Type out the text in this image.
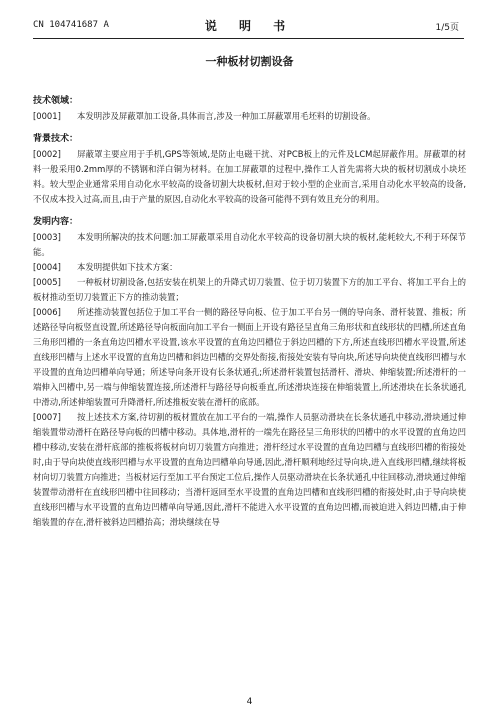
CN 104741687 A	说 明 书	1/5页
一种板材切割设备

技术领域：

[0001] 本发明涉及屏蔽罩加工设备,具体而言,涉及一种加工屏蔽罩用毛坯料的切割设备。

背景技术：

[0002] 屏蔽罩主要应用于手机,GPS等领域,是防止电磁干扰、对PCB板上的元件及LCM起屏蔽作用。屏蔽罩的材料一般采用0.2mm厚的不锈钢和洋白铜为材料。在加工屏蔽罩的过程中,操作工人首先需将大块的板材切割成小块坯料。较大型企业通常采用自动化水平较高的设备切割大块板材,但对于较小型的企业而言,采用自动化水平较高的设备,不仅成本投入过高,而且,由于产量的原因,自动化水平较高的设备可能得不到有效且充分的利用。

发明内容：

[0003] 本发明所解决的技术问题:加工屏蔽罩采用自动化水平较高的设备切割大块的板材,能耗较大,不利于环保节能。

[0004] 本发明提供如下技术方案：

[0005] 一种板材切割设备,包括安装在机架上的升降式切刀装置、位于切刀装置下方的加工平台、将加工平台上的板材推动至切刀装置正下方的推动装置；

[0006] 所述推动装置包括位于加工平台一侧的路径导向板、位于加工平台另一侧的导向条、滑杆装置、推板；所述路径导向板竖直设置,所述路径导向板面向加工平台一侧面上开设有路径呈直角三角形状和直线形状的凹槽,所述直角三角形凹槽的一条直角边凹槽水平设置,该水平设置的直角边凹槽位于斜边凹槽的下方,所述直线形凹槽水平设置,所述直线形凹槽与上述水平设置的直角边凹槽和斜边凹槽的交界处衔接,衔接处安装有导向块,所述导向块使直线形凹槽与水平设置的直角边凹槽单向导通；所述导向条开设有长条状通孔;所述滑杆装置包括滑杆、滑块、伸缩装置;所述滑杆的一端伸入凹槽中,另一端与伸缩装置连接,所述滑杆与路径导向板垂直,所述滑块连接在伸缩装置上,所述滑块在长条状通孔中滑动,所述伸缩装置可升降滑杆,所述推板安装在滑杆的底部。

[0007] 按上述技术方案,待切割的板材置放在加工平台的一端,操作人员驱动滑块在长条状通孔中移动,滑块通过伸缩装置带动滑杆在路径导向板的凹槽中移动。具体地,滑杆的一端先在路径呈三角形状的凹槽中的水平设置的直角边凹槽中移动,安装在滑杆底部的推板将板材向切刀装置方向推进；滑杆经过水平设置的直角边凹槽与直线形凹槽的衔接处时,由于导向块使直线形凹槽与水平设置的直角边凹槽单向导通,因此,滑杆顺利地经过导向块,进入直线形凹槽,继续将板材向切刀装置方向推进；当板材运行至加工平台预定工位后,操作人员驱动滑块在长条状通孔中往回移动,滑块通过伸缩装置带动滑杆在直线形凹槽中往回移动；当滑杆返回至水平设置的直角边凹槽和直线形凹槽的衔接处时,由于导向块使直线形凹槽与水平设置的直角边凹槽单向导通,因此,滑杆不能进入水平设置的直角边凹槽,而被迫进入斜边凹槽,由于伸缩装置的存在,滑杆被斜边凹槽抬高；滑块继续在导

4
